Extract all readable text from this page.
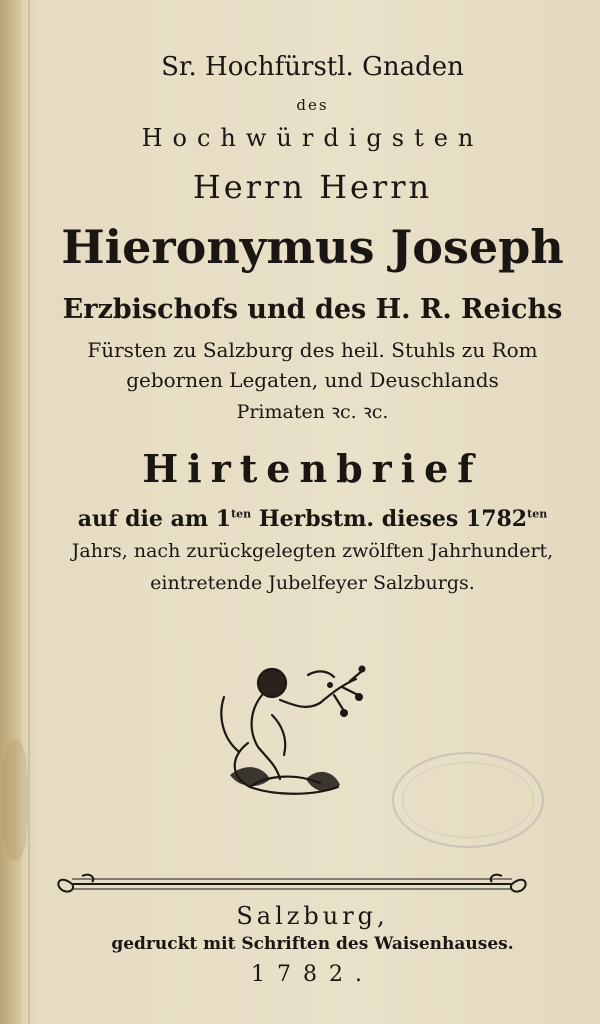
Sr. Hochfürstl. Gnaden
des
Hochwürdigsten
Herrn Herrn
Hieronymus Joseph
Erzbischofs und des H. R. Reichs
Fürsten zu Salzburg des heil. Stuhls zu Rom
gebornen Legaten, und Deuschlands
Primaten ꝛc. ꝛc.
Hirtenbrief
auf die am $1^{ten}$ Herbstm. dieses $1782^{ten}$
Jahrs, nach zurückgelegten zwölften Jahrhundert,
eintretende Jubelfeyer Salzburgs.
Salzburg,
gedruckt mit Schriften des Waisenhauses.
1782.
